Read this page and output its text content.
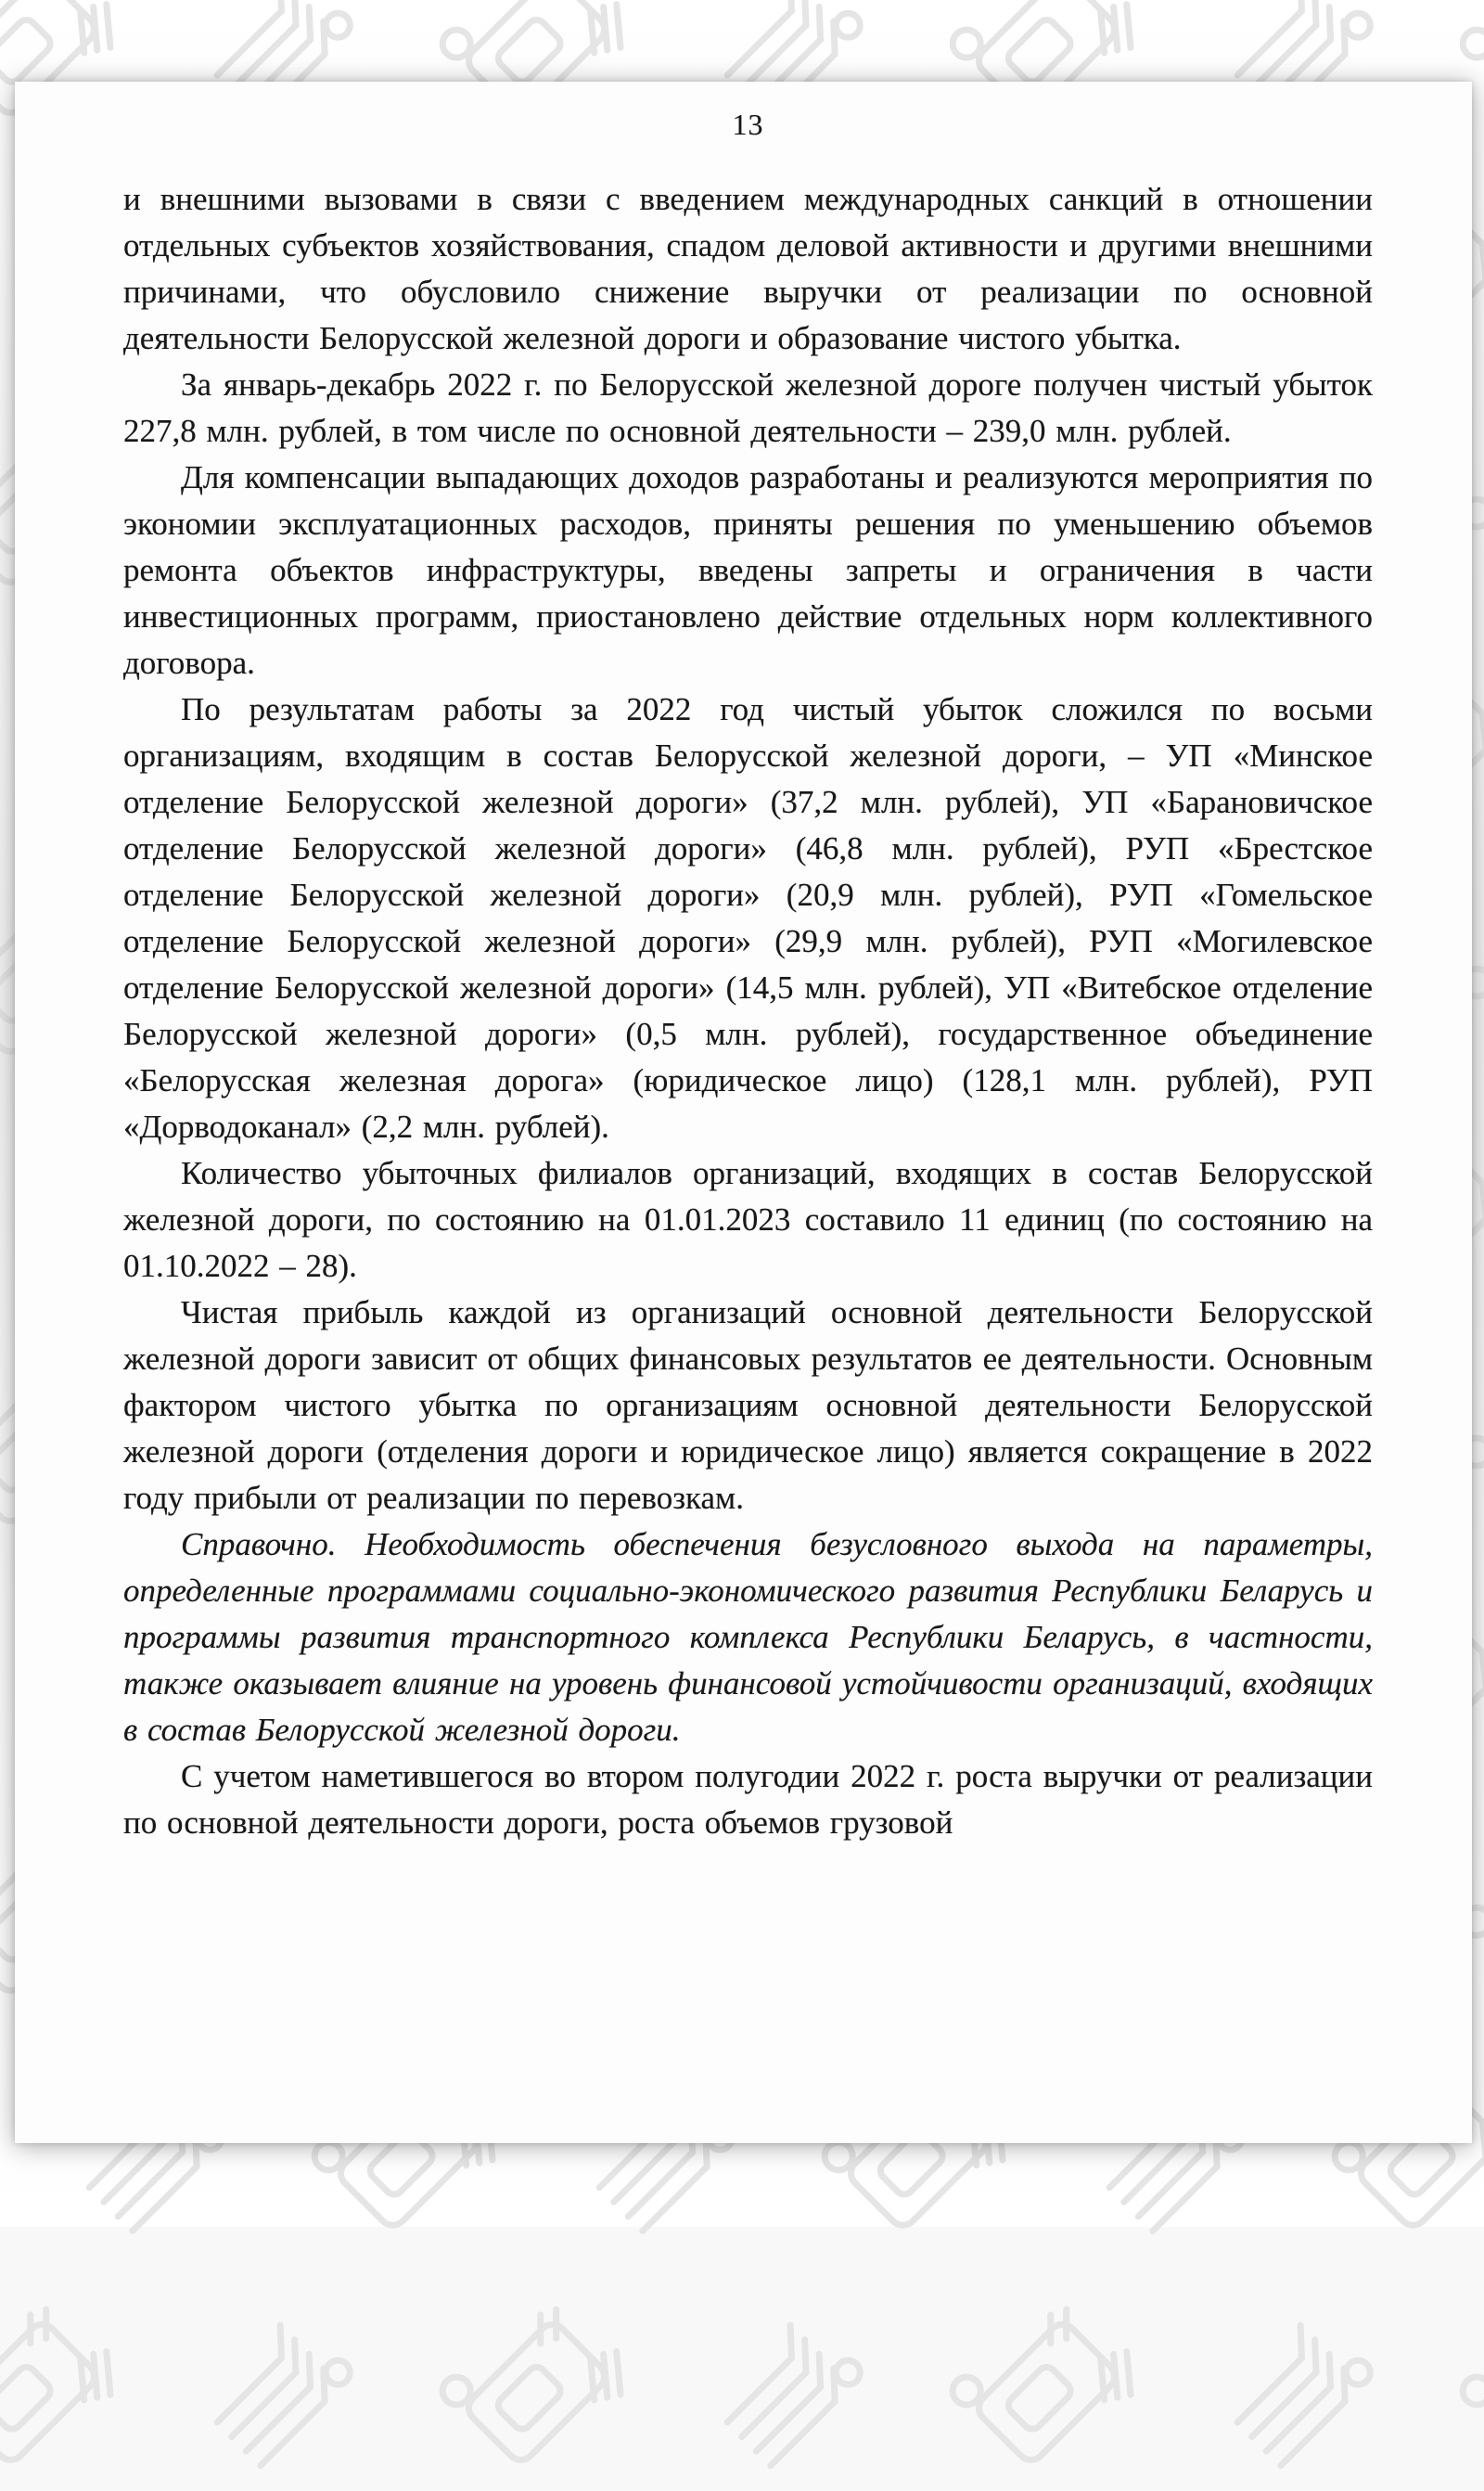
13

и внешними вызовами в связи с введением международных санкций в отношении отдельных субъектов хозяйствования, спадом деловой активности и другими внешними причинами, что обусловило снижение выручки от реализации по основной деятельности Белорусской железной дороги и образование чистого убытка.

За январь-декабрь 2022 г. по Белорусской железной дороге получен чистый убыток 227,8 млн. рублей, в том числе по основной деятельности – 239,0 млн. рублей.

Для компенсации выпадающих доходов разработаны и реализуются мероприятия по экономии эксплуатационных расходов, приняты решения по уменьшению объемов ремонта объектов инфраструктуры, введены запреты и ограничения в части инвестиционных программ, приостановлено действие отдельных норм коллективного договора.

По результатам работы за 2022 год чистый убыток сложился по восьми организациям, входящим в состав Белорусской железной дороги, – УП «Минское отделение Белорусской железной дороги» (37,2 млн. рублей), УП «Барановичское отделение Белорусской железной дороги» (46,8 млн. рублей), РУП «Брестское отделение Белорусской железной дороги» (20,9 млн. рублей), РУП «Гомельское отделение Белорусской железной дороги» (29,9 млн. рублей), РУП «Могилевское отделение Белорусской железной дороги» (14,5 млн. рублей), УП «Витебское отделение Белорусской железной дороги» (0,5 млн. рублей), государственное объединение «Белорусская железная дорога» (юридическое лицо) (128,1 млн. рублей), РУП «Дорводоканал» (2,2 млн. рублей).

Количество убыточных филиалов организаций, входящих в состав Белорусской железной дороги, по состоянию на 01.01.2023 составило 11 единиц (по состоянию на 01.10.2022 – 28).

Чистая прибыль каждой из организаций основной деятельности Белорусской железной дороги зависит от общих финансовых результатов ее деятельности. Основным фактором чистого убытка по организациям основной деятельности Белорусской железной дороги (отделения дороги и юридическое лицо) является сокращение в 2022 году прибыли от реализации по перевозкам.

Справочно. Необходимость обеспечения безусловного выхода на параметры, определенные программами социально-экономического развития Республики Беларусь и программы развития транспортного комплекса Республики Беларусь, в частности, также оказывает влияние на уровень финансовой устойчивости организаций, входящих в состав Белорусской железной дороги.

С учетом наметившегося во втором полугодии 2022 г. роста выручки от реализации по основной деятельности дороги, роста объемов грузовой
